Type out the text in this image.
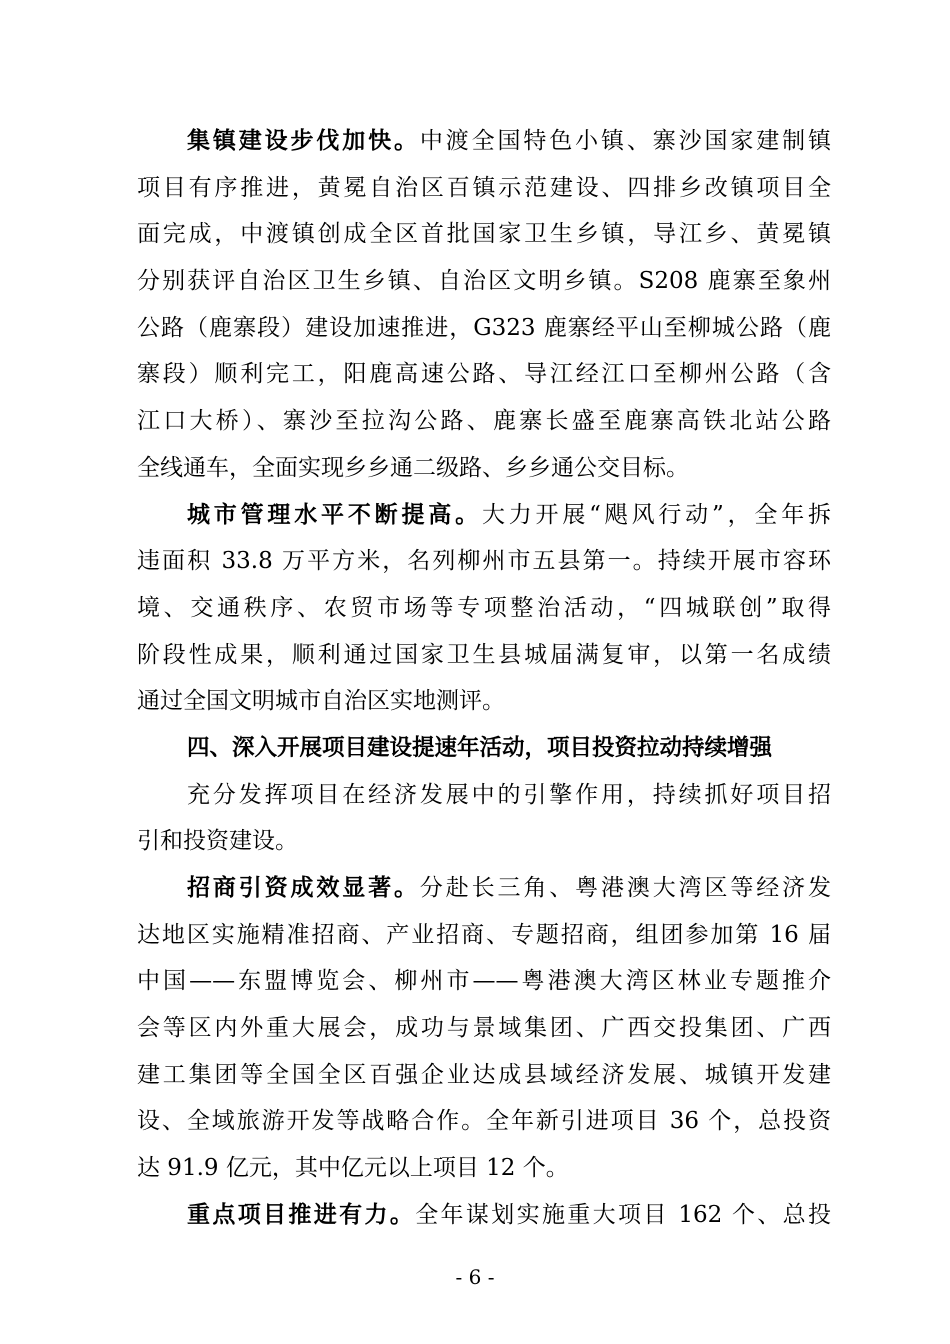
集镇建设步伐加快。中渡全国特色小镇、寨沙国家建制镇
项目有序推进，黄冕自治区百镇示范建设、四排乡改镇项目全
面完成，中渡镇创成全区首批国家卫生乡镇，导江乡、黄冕镇
分别获评自治区卫生乡镇、自治区文明乡镇。S208 鹿寨至象州
公路（鹿寨段）建设加速推进，G323 鹿寨经平山至柳城公路（鹿
寨段）顺利完工，阳鹿高速公路、导江经江口至柳州公路（含
江口大桥）、寨沙至拉沟公路、鹿寨长盛至鹿寨高铁北站公路
全线通车，全面实现乡乡通二级路、乡乡通公交目标。
城市管理水平不断提高。大力开展“飓风行动”，全年拆
违面积 33.8 万平方米，名列柳州市五县第一。持续开展市容环
境、交通秩序、农贸市场等专项整治活动，“四城联创”取得
阶段性成果，顺利通过国家卫生县城届满复审，以第一名成绩
通过全国文明城市自治区实地测评。
四、深入开展项目建设提速年活动，项目投资拉动持续增强
充分发挥项目在经济发展中的引擎作用，持续抓好项目招
引和投资建设。
招商引资成效显著。分赴长三角、粤港澳大湾区等经济发
达地区实施精准招商、产业招商、专题招商，组团参加第 16 届
中国——东盟博览会、柳州市——粤港澳大湾区林业专题推介
会等区内外重大展会，成功与景域集团、广西交投集团、广西
建工集团等全国全区百强企业达成县域经济发展、城镇开发建
设、全域旅游开发等战略合作。全年新引进项目 36 个，总投资
达 91.9 亿元，其中亿元以上项目 12 个。
重点项目推进有力。全年谋划实施重大项目 162 个、总投
- 6 -
